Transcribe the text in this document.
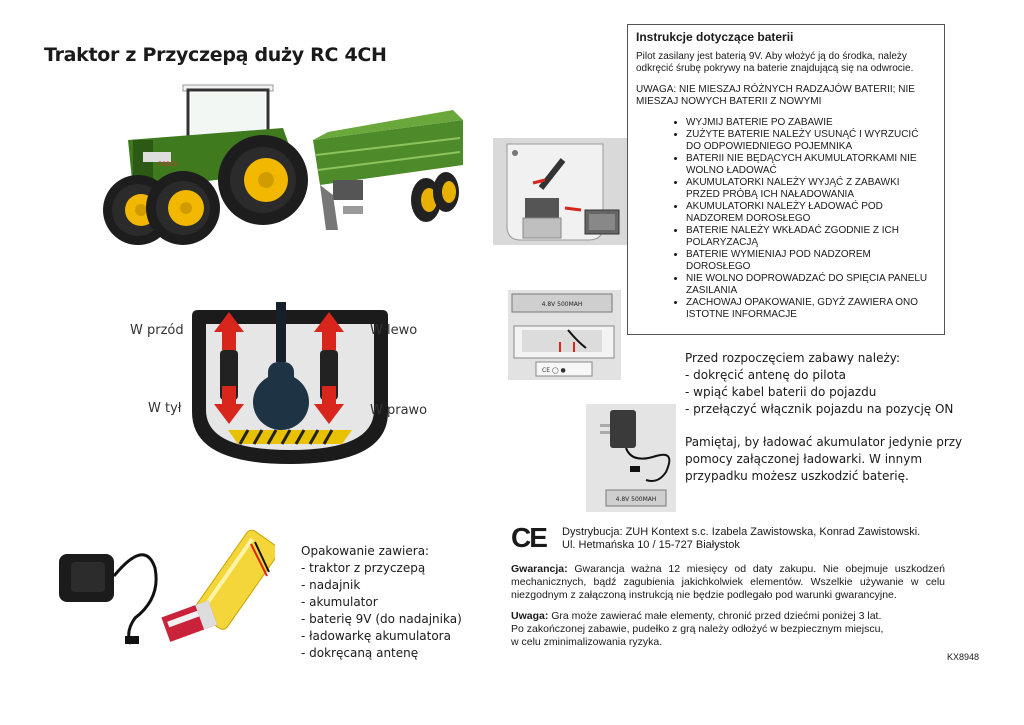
Traktor z Przyczepą duży RC 4CH
FORCE
Instrukcje dotyczące baterii

Pilot zasilany jest baterią 9V. Aby włożyć ją do środka, należy odkręcić śrubę pokrywy na baterie znajdującą się na odwrocie.

UWAGA: NIE MIESZAJ RÓŻNYCH RADZAJÓW BATERII; NIE MIESZAJ NOWYCH BATERII Z NOWYMI

• WYJMIJ BATERIE PO ZABAWIE
• ZUŻYTE BATERIE NALEŻY USUNĄĆ I WYRZUCIĆ DO ODPOWIEDNIEGO POJEMNIKA
• BATERII NIE BĘDĄCYCH AKUMULATORKAMI NIE WOLNO ŁADOWAĆ
• AKUMULATORKI NALEŻY WYJĄĆ Z ZABAWKI PRZED PRÓBĄ ICH NAŁADOWANIA
• AKUMULATORKI NALEŻY ŁADOWAĆ POD NADZOREM DOROSŁEGO
• BATERIE NALEŻY WKŁADAĆ ZGODNIE Z ICH POLARYZACJĄ
• BATERIE WYMIENIAJ POD NADZOREM DOROSŁEGO
• NIE WOLNO DOPROWADZAĆ DO SPIĘCIA PANELU ZASILANIA
• ZACHOWAJ OPAKOWANIE, GDYŻ ZAWIERA ONO ISTOTNE INFORMACJE
W przód
W tył
W lewo
W prawo
4.8V 500MAH
CE ◯ ●

Przed rozpoczęciem zabawy należy:

- dokręcić antenę do pilota

- wpiąć kabel baterii do pojazdu

- przełączyć włącznik pojazdu na pozycję ON

Pamiętaj, by ładować akumulator jedynie przy

pomocy załączonej ładowarki. W innym

przypadku możesz uszkodzić baterię.

4.8V 500MAH
Opakowanie zawiera:
- traktor z przyczepą
- nadajnik
- akumulator
- baterię 9V (do nadajnika)
- ładowarkę akumulatora
- dokręcaną antenę
CE Dystrybucja: ZUH Kontext s.c. Izabela Zawistowska, Konrad Zawistowski.
Ul. Hetmańska 10 / 15-727 Białystok

Gwarancja: Gwarancja ważna 12 miesięcy od daty zakupu. Nie obejmuje uszkodzeń mechanicznych, bądź zagubienia jakichkolwiek elementów. Wszelkie używanie w celu niezgodnym z załączoną instrukcją nie będzie podlegało pod warunki gwarancyjne.

Uwaga: Gra może zawierać małe elementy, chronić przed dziećmi poniżej 3 lat.
Po zakończonej zabawie, pudełko z grą należy odłożyć w bezpiecznym miejscu,
w celu zminimalizowania ryzyka.

KX8948
